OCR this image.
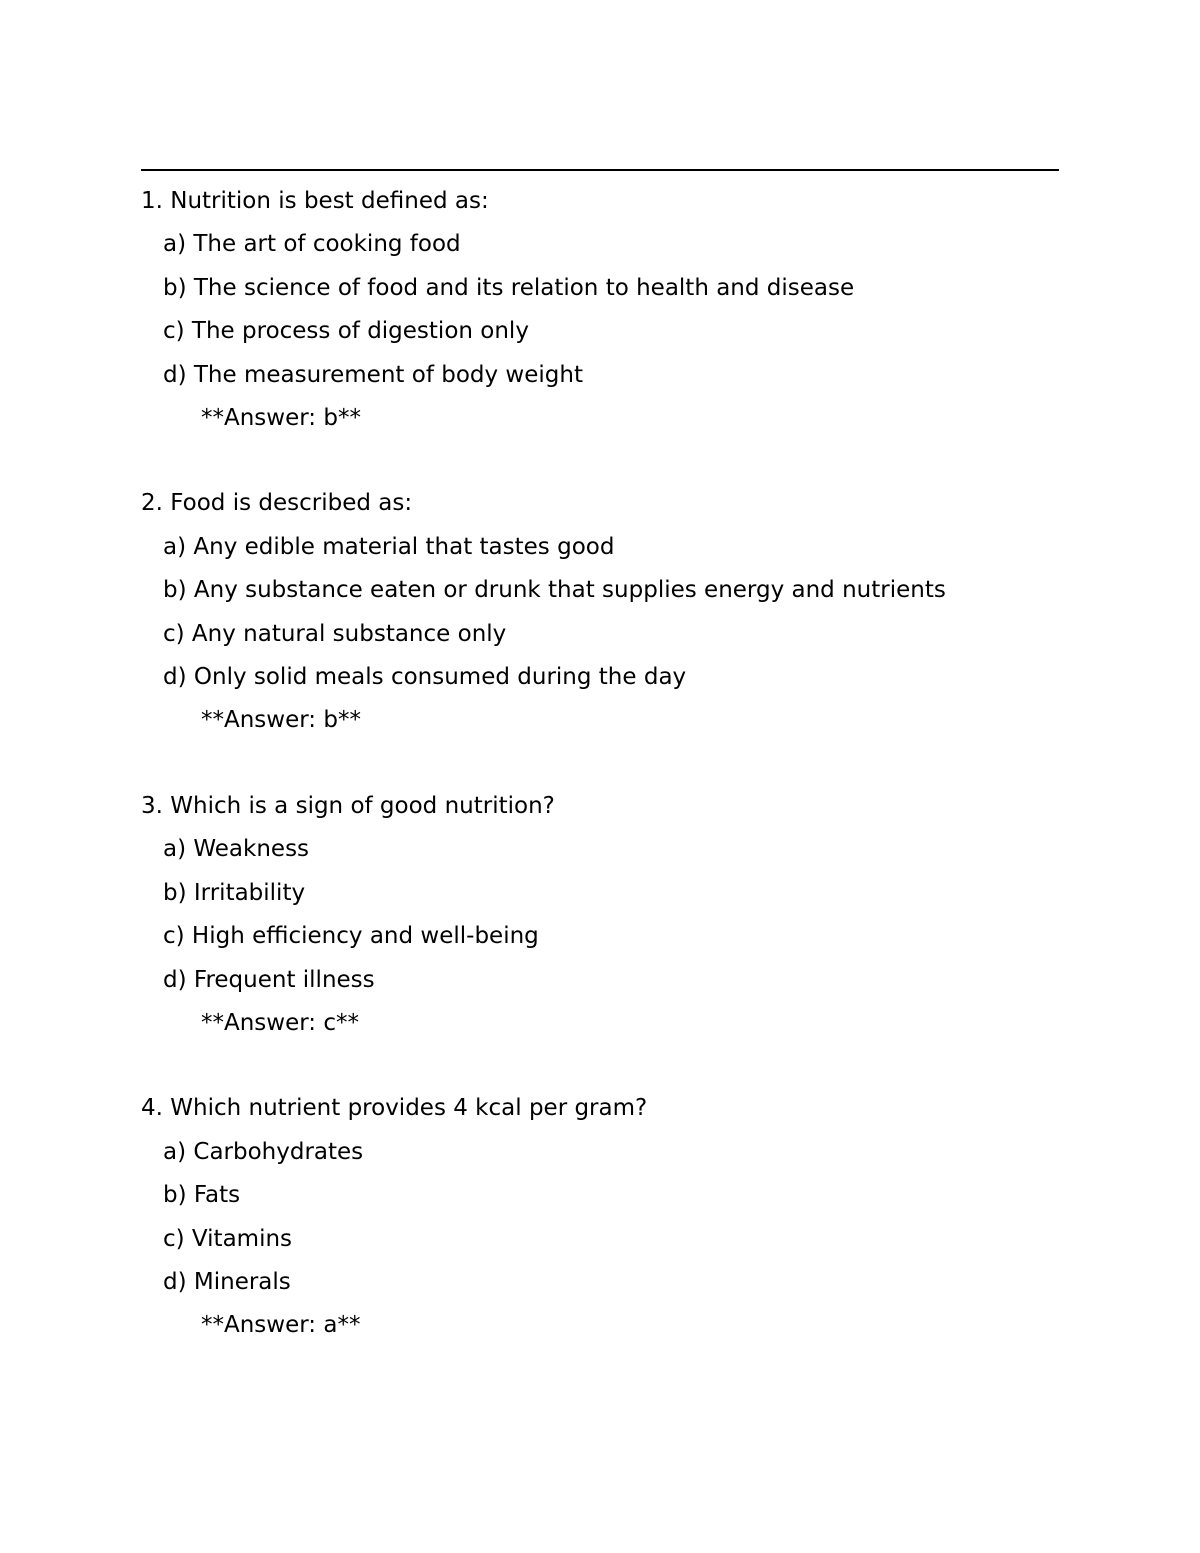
1. Nutrition is best defined as:
a) The art of cooking food
b) The science of food and its relation to health and disease
c) The process of digestion only
d) The measurement of body weight
**Answer: b**
2. Food is described as:
a) Any edible material that tastes good
b) Any substance eaten or drunk that supplies energy and nutrients
c) Any natural substance only
d) Only solid meals consumed during the day
**Answer: b**
3. Which is a sign of good nutrition?
a) Weakness
b) Irritability
c) High efficiency and well-being
d) Frequent illness
**Answer: c**
4. Which nutrient provides 4 kcal per gram?
a) Carbohydrates
b) Fats
c) Vitamins
d) Minerals
**Answer: a**
